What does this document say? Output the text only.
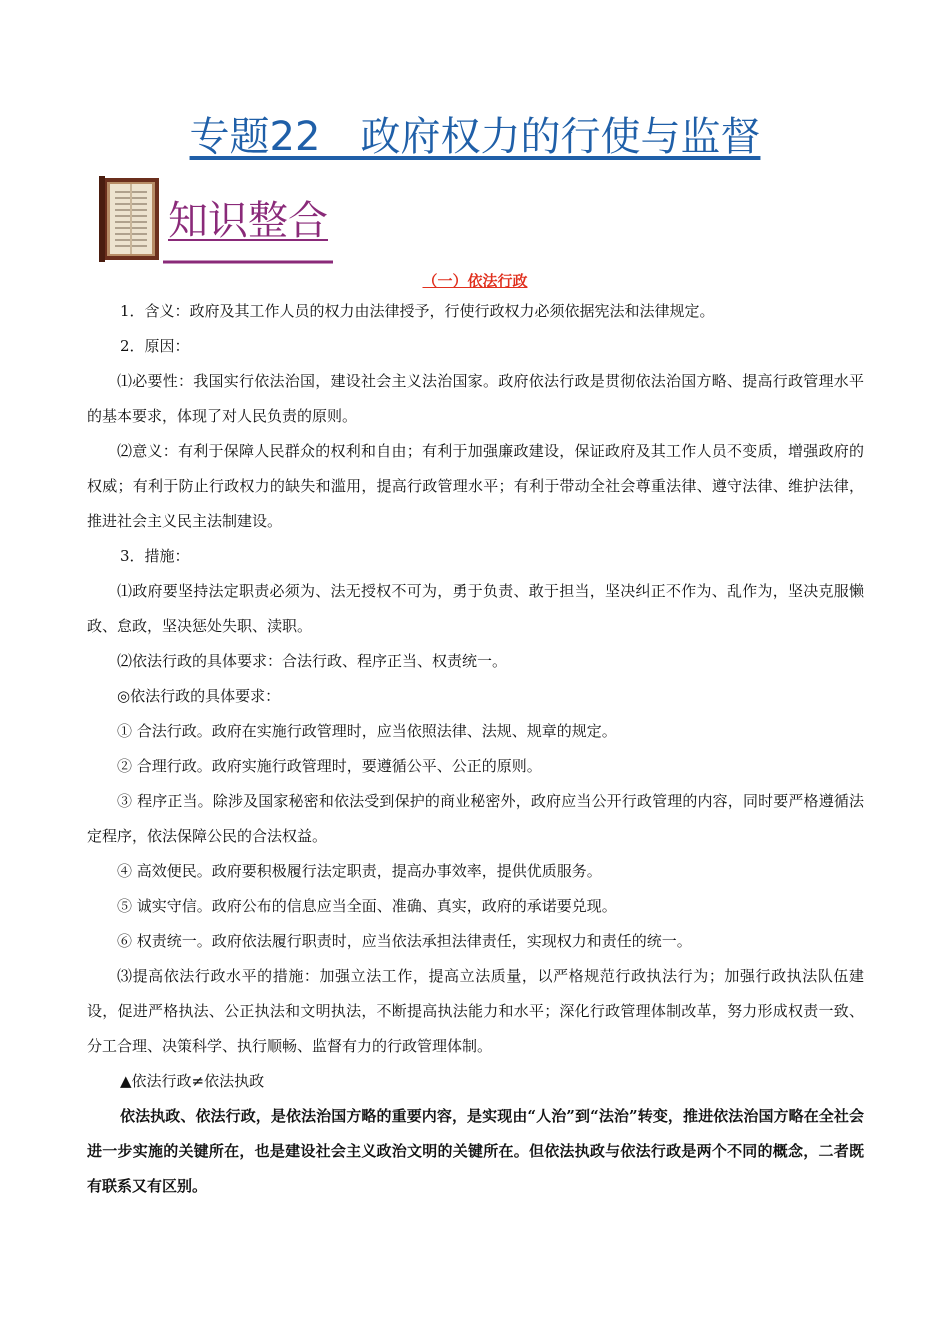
专题22　政府权力的行使与监督
知识整合
（一）依法行政

1．含义：政府及其工作人员的权力由法律授予，行使行政权力必须依据宪法和法律规定。

2．原因：

⑴必要性：我国实行依法治国，建设社会主义法治国家。政府依法行政是贯彻依法治国方略、提高行政管理水平的基本要求，体现了对人民负责的原则。

⑵意义：有利于保障人民群众的权利和自由；有利于加强廉政建设，保证政府及其工作人员不变质，增强政府的权威；有利于防止行政权力的缺失和滥用，提高行政管理水平；有利于带动全社会尊重法律、遵守法律、维护法律，推进社会主义民主法制建设。

3．措施：

⑴政府要坚持法定职责必须为、法无授权不可为，勇于负责、敢于担当，坚决纠正不作为、乱作为，坚决克服懒政、怠政，坚决惩处失职、渎职。

⑵依法行政的具体要求：合法行政、程序正当、权责统一。

◎依法行政的具体要求：

① 合法行政。政府在实施行政管理时，应当依照法律、法规、规章的规定。

② 合理行政。政府实施行政管理时，要遵循公平、公正的原则。

③ 程序正当。除涉及国家秘密和依法受到保护的商业秘密外，政府应当公开行政管理的内容，同时要严格遵循法定程序，依法保障公民的合法权益。

④ 高效便民。政府要积极履行法定职责，提高办事效率，提供优质服务。

⑤ 诚实守信。政府公布的信息应当全面、准确、真实，政府的承诺要兑现。

⑥ 权责统一。政府依法履行职责时，应当依法承担法律责任，实现权力和责任的统一。

⑶提高依法行政水平的措施：加强立法工作，提高立法质量，以严格规范行政执法行为；加强行政执法队伍建设，促进严格执法、公正执法和文明执法，不断提高执法能力和水平；深化行政管理体制改革，努力形成权责一致、分工合理、决策科学、执行顺畅、监督有力的行政管理体制。

▲依法行政≠依法执政

依法执政、依法行政，是依法治国方略的重要内容，是实现由“人治”到“法治”转变，推进依法治国方略在全社会进一步实施的关键所在，也是建设社会主义政治文明的关键所在。但依法执政与依法行政是两个不同的概念，二者既有联系又有区别。
